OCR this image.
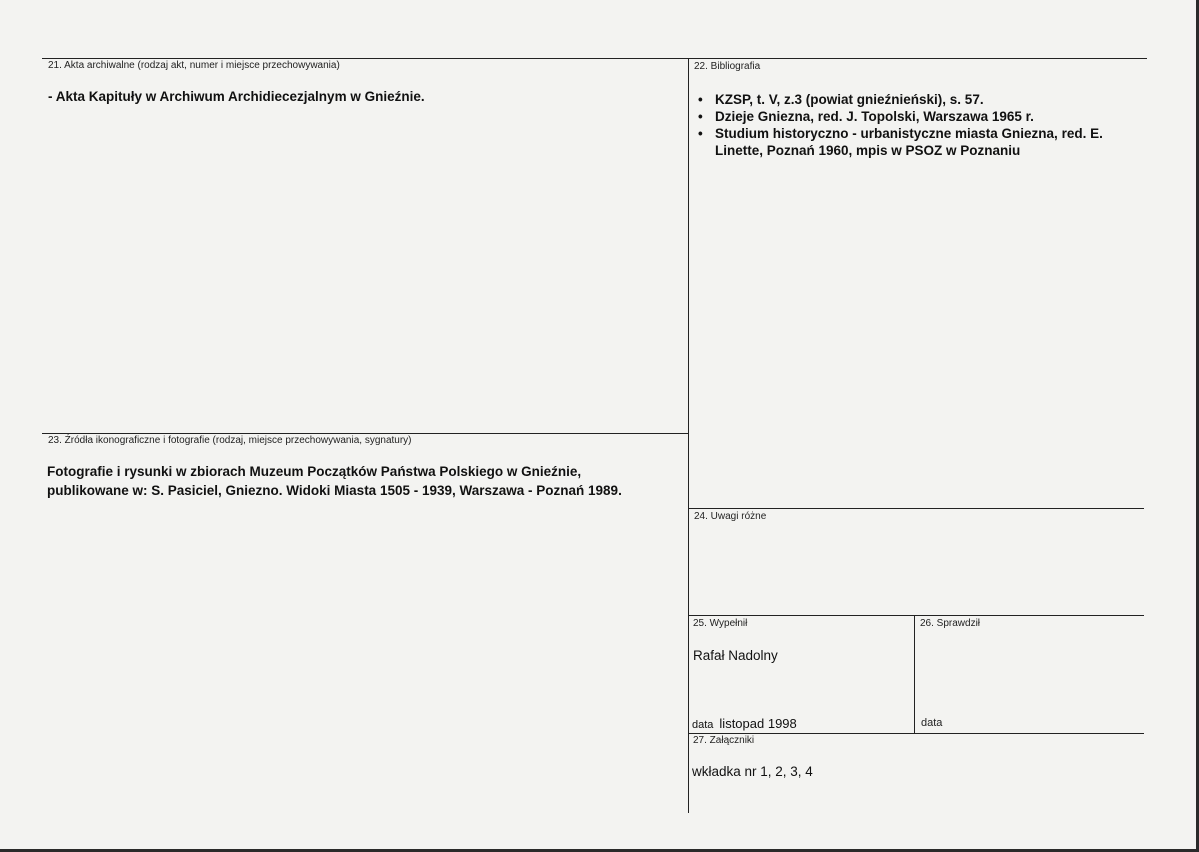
21. Akta archiwalne (rodzaj akt, numer i miejsce przechowywania)
- Akta Kapituły w Archiwum Archidiecezjalnym w Gnieźnie.
22. Bibliografia
• KZSP, t. V, z.3 (powiat gnieźnieński), s. 57.
• Dzieje Gniezna, red. J. Topolski, Warszawa 1965 r.
• Studium historyczno - urbanistyczne miasta Gniezna, red. E. Linette, Poznań 1960, mpis w PSOZ w Poznaniu
23. Źródła ikonograficzne i fotografie (rodzaj, miejsce przechowywania, sygnatury)
Fotografie i rysunki w zbiorach Muzeum Początków Państwa Polskiego w Gnieźnie,
publikowane w: S. Pasiciel, Gniezno. Widoki Miasta 1505 - 1939, Warszawa - Poznań 1989.
24. Uwagi różne
25. Wypełnił
Rafał Nadolny
data listopad 1998
26. Sprawdził
data
27. Załączniki
wkładka nr 1, 2, 3, 4
